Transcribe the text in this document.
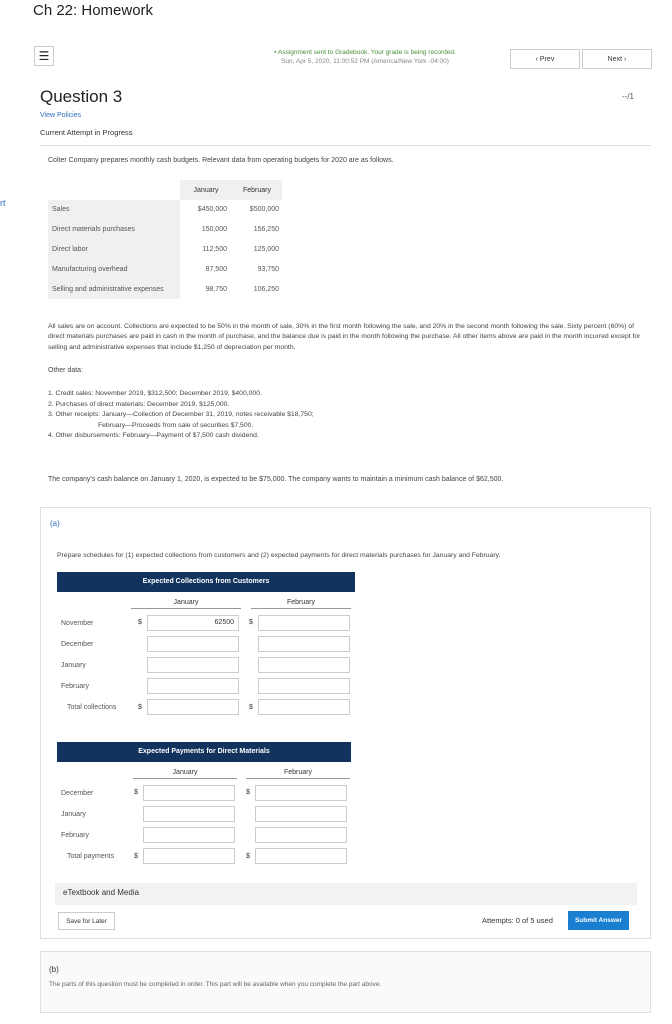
rt
Ch 22: Homework
☰	▪ Assignment sent to Gradebook. Your grade is being recorded.
Sun, Apr 5, 2020, 11:00:52 PM (America/New York -04:00)	‹ Prev	Next ›
Question 3	--/1
View Policies
Current Attempt in Progress
Colter Company prepares monthly cash budgets. Relevant data from operating budgets for 2020 are as follows.
	January	February
Sales	$450,000	$500,000
Direct materials purchases	150,000	156,250
Direct labor	112,500	125,000
Manufacturing overhead	87,500	93,750
Selling and administrative expenses	98,750	106,250
All sales are on account. Collections are expected to be 50% in the month of sale, 30% in the first month following the sale, and 20% in the second month following the sale. Sixty percent (60%) of direct materials purchases are paid in cash in the month of purchase, and the balance due is paid in the month following the purchase. All other items above are paid in the month incurred except for selling and administrative expenses that include $1,250 of depreciation per month.
Other data:
1. Credit sales: November 2019, $312,500; December 2019, $400,000.
2. Purchases of direct materials: December 2019, $125,000.
3. Other receipts: January—Collection of December 31, 2019, notes receivable $18,750;
February—Proceeds from sale of securities $7,500.
4. Other disbursements: February—Payment of $7,500 cash dividend.
The company's cash balance on January 1, 2020, is expected to be $75,000. The company wants to maintain a minimum cash balance of $62,500.
(a)
Prepare schedules for (1) expected collections from customers and (2) expected payments for direct materials purchases for January and February.
Expected Collections from Customers
January	February
November	$	62500	$
December
January
February
Total collections	$	$
Expected Payments for Direct Materials
January	February
December	$	$
January
February
Total payments	$	$
eTextbook and Media
Save for Later	Attempts: 0 of 5 used	Submit Answer
(b)
The parts of this question must be completed in order. This part will be available when you complete the part above.
